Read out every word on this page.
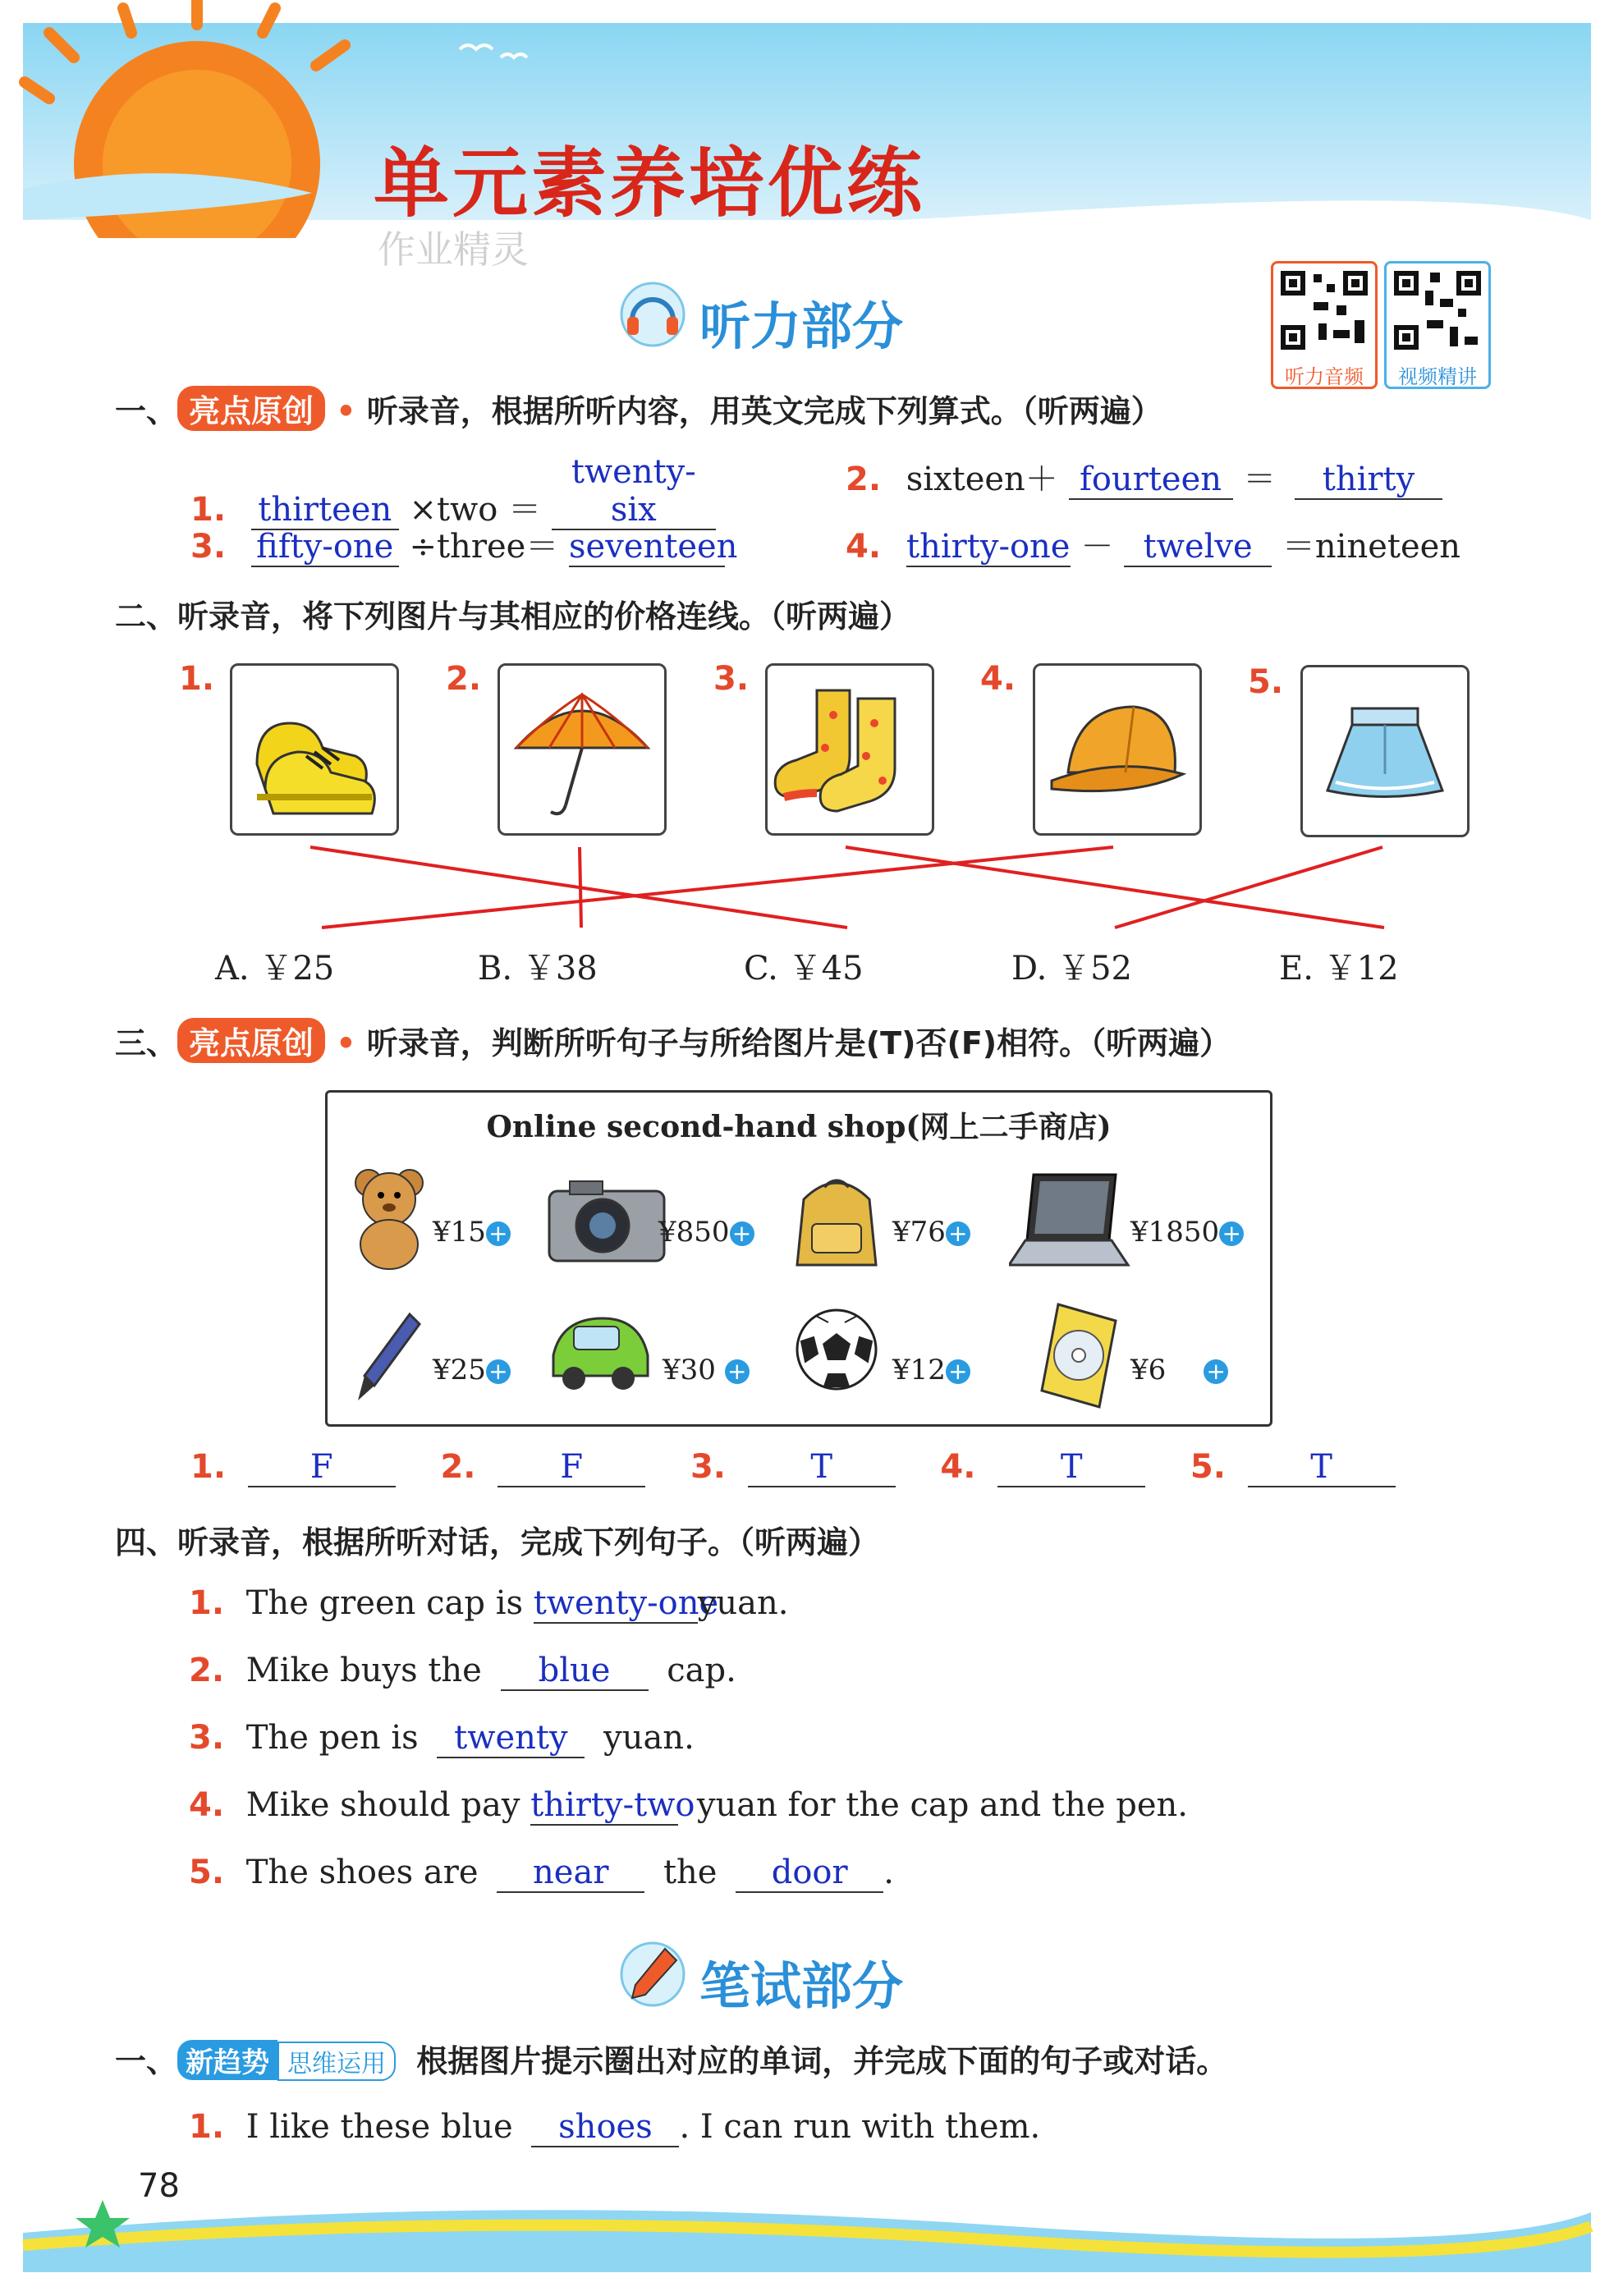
单元素养培优练
作业精灵
听力部分
听力音频	视频精讲
一、 亮点原创 • 听录音，根据所听内容，用英文完成下列算式。（听两遍）
1. thirteen ×two ＝ twenty-six
2. sixteen＋ fourteen ＝ thirty
3. fifty-one ÷three＝ seventeen	4. thirty-one － twelve ＝nineteen
二、听录音，将下列图片与其相应的价格连线。（听两遍）
1.	2.	3.	4.	5.
A. ￥25	B. ￥38	C. ￥45	D. ￥52	E. ￥12
三、 亮点原创 • 听录音，判断所听句子与所给图片是(T)否(F)相符。（听两遍）
Online second-hand shop(网上二手商店)
¥15 +	¥850 +	¥76 +	¥1850 +
¥25 +	¥30 +	¥12 +	¥6 +
1.	F	2.	F	3.	T	4.	T	5.	T
四、听录音，根据所听对话，完成下列句子。（听两遍）
1. The green cap is twenty-oneyuan.
2. Mike buys the blue cap.
3. The pen is twenty yuan.
4. Mike should pay thirty-two yuan for the cap and the pen.
5. The shoes are near the door .
笔试部分
一、 新趋势 思维运用 根据图片提示圈出对应的单词，并完成下面的句子或对话。
1. I like these blue shoes . I can run with them.
78
